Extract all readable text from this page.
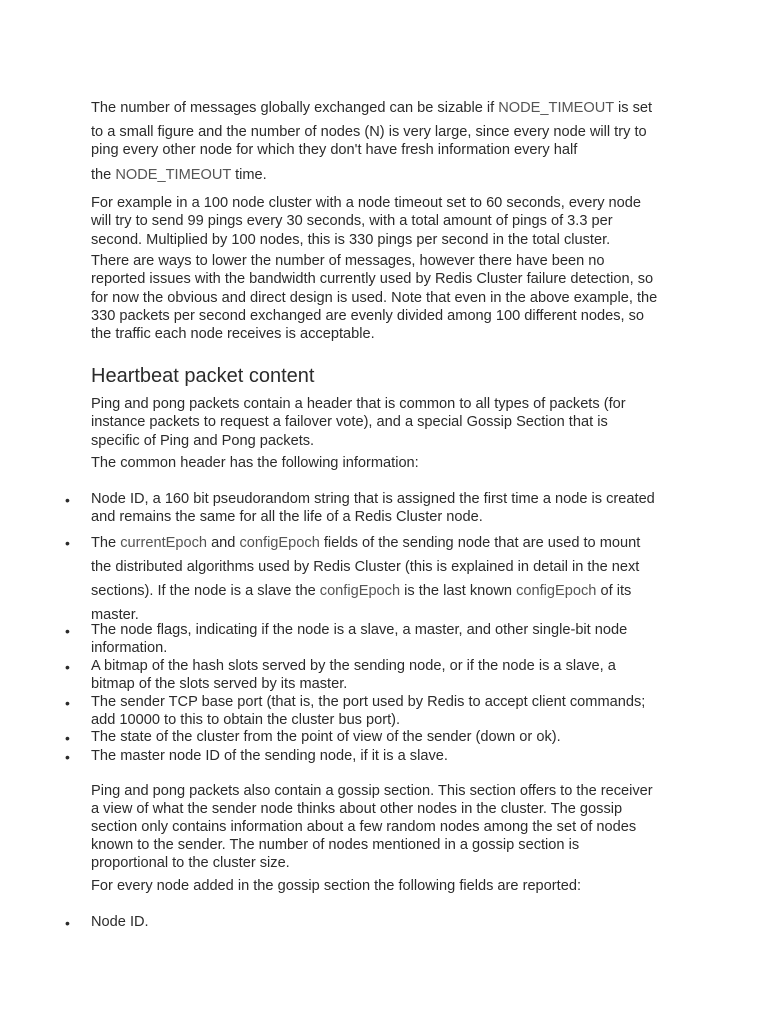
The number of messages globally exchanged can be sizable if NODE_TIMEOUT is set
to a small figure and the number of nodes (N) is very large, since every node will try to
ping every other node for which they don't have fresh information every half
the NODE_TIMEOUT time.

For example in a 100 node cluster with a node timeout set to 60 seconds, every node
will try to send 99 pings every 30 seconds, with a total amount of pings of 3.3 per
second. Multiplied by 100 nodes, this is 330 pings per second in the total cluster.

There are ways to lower the number of messages, however there have been no
reported issues with the bandwidth currently used by Redis Cluster failure detection, so
for now the obvious and direct design is used. Note that even in the above example, the
330 packets per second exchanged are evenly divided among 100 different nodes, so
the traffic each node receives is acceptable.

Heartbeat packet content

Ping and pong packets contain a header that is common to all types of packets (for
instance packets to request a failover vote), and a special Gossip Section that is
specific of Ping and Pong packets.

The common header has the following information:

•	Node ID, a 160 bit pseudorandom string that is assigned the first time a node is created
and remains the same for all the life of a Redis Cluster node.
•	The currentEpoch and configEpoch fields of the sending node that are used to mount
the distributed algorithms used by Redis Cluster (this is explained in detail in the next
sections). If the node is a slave the configEpoch is the last known configEpoch of its
master.
•	The node flags, indicating if the node is a slave, a master, and other single-bit node
information.
•	A bitmap of the hash slots served by the sending node, or if the node is a slave, a
bitmap of the slots served by its master.
•	The sender TCP base port (that is, the port used by Redis to accept client commands;
add 10000 to this to obtain the cluster bus port).
•	The state of the cluster from the point of view of the sender (down or ok).
•	The master node ID of the sending node, if it is a slave.

Ping and pong packets also contain a gossip section. This section offers to the receiver
a view of what the sender node thinks about other nodes in the cluster. The gossip
section only contains information about a few random nodes among the set of nodes
known to the sender. The number of nodes mentioned in a gossip section is
proportional to the cluster size.

For every node added in the gossip section the following fields are reported:

•	Node ID.
